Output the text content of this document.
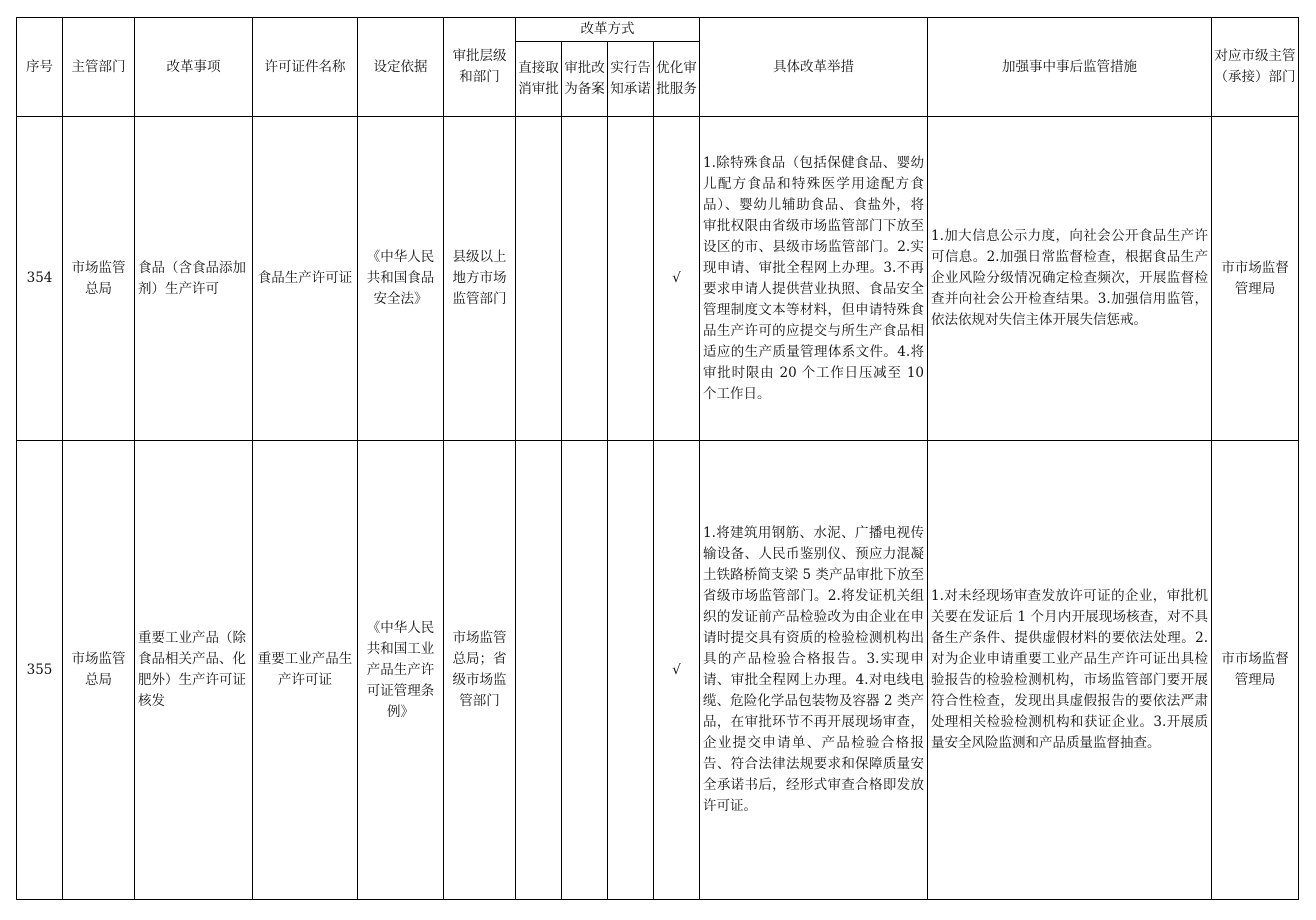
序号	主管部门	改革事项	许可证件名称	设定依据	审批层级和部门	改革方式				具体改革举措	加强事中事后监管措施	对应市级主管（承接）部门
						直接取消审批	审批改为备案	实行告知承诺	优化审批服务			
354	市场监管总局	食品（含食品添加剂）生产许可	食品生产许可证	《中华人民共和国食品安全法》	县级以上地方市场监管部门				√	1.除特殊食品（包括保健食品、婴幼儿配方食品和特殊医学用途配方食品）、婴幼儿辅助食品、食盐外，将审批权限由省级市场监管部门下放至设区的市、县级市场监管部门。2.实现申请、审批全程网上办理。3.不再要求申请人提供营业执照、食品安全管理制度文本等材料，但申请特殊食品生产许可的应提交与所生产食品相适应的生产质量管理体系文件。4.将审批时限由 20 个工作日压减至 10 个工作日。	1.加大信息公示力度，向社会公开食品生产许可信息。2.加强日常监督检查，根据食品生产企业风险分级情况确定检查频次，开展监督检查并向社会公开检查结果。3.加强信用监管，依法依规对失信主体开展失信惩戒。	市市场监督管理局
355	市场监管总局	重要工业产品（除食品相关产品、化肥外）生产许可证核发	重要工业产品生产许可证	《中华人民共和国工业产品生产许可证管理条例》	市场监管总局；省级市场监管部门				√	1.将建筑用钢筋、水泥、广播电视传输设备、人民币鉴别仪、预应力混凝土铁路桥简支梁 5 类产品审批下放至省级市场监管部门。2.将发证机关组织的发证前产品检验改为由企业在申请时提交具有资质的检验检测机构出具的产品检验合格报告。3.实现申请、审批全程网上办理。4.对电线电缆、危险化学品包装物及容器 2 类产品，在审批环节不再开展现场审查，企业提交申请单、产品检验合格报告、符合法律法规要求和保障质量安全承诺书后，经形式审查合格即发放许可证。	1.对未经现场审查发放许可证的企业，审批机关要在发证后 1 个月内开展现场核查，对不具备生产条件、提供虚假材料的要依法处理。2.对为企业申请重要工业产品生产许可证出具检验报告的检验检测机构，市场监管部门要开展符合性检查，发现出具虚假报告的要依法严肃处理相关检验检测机构和获证企业。3.开展质量安全风险监测和产品质量监督抽查。	市市场监督管理局
